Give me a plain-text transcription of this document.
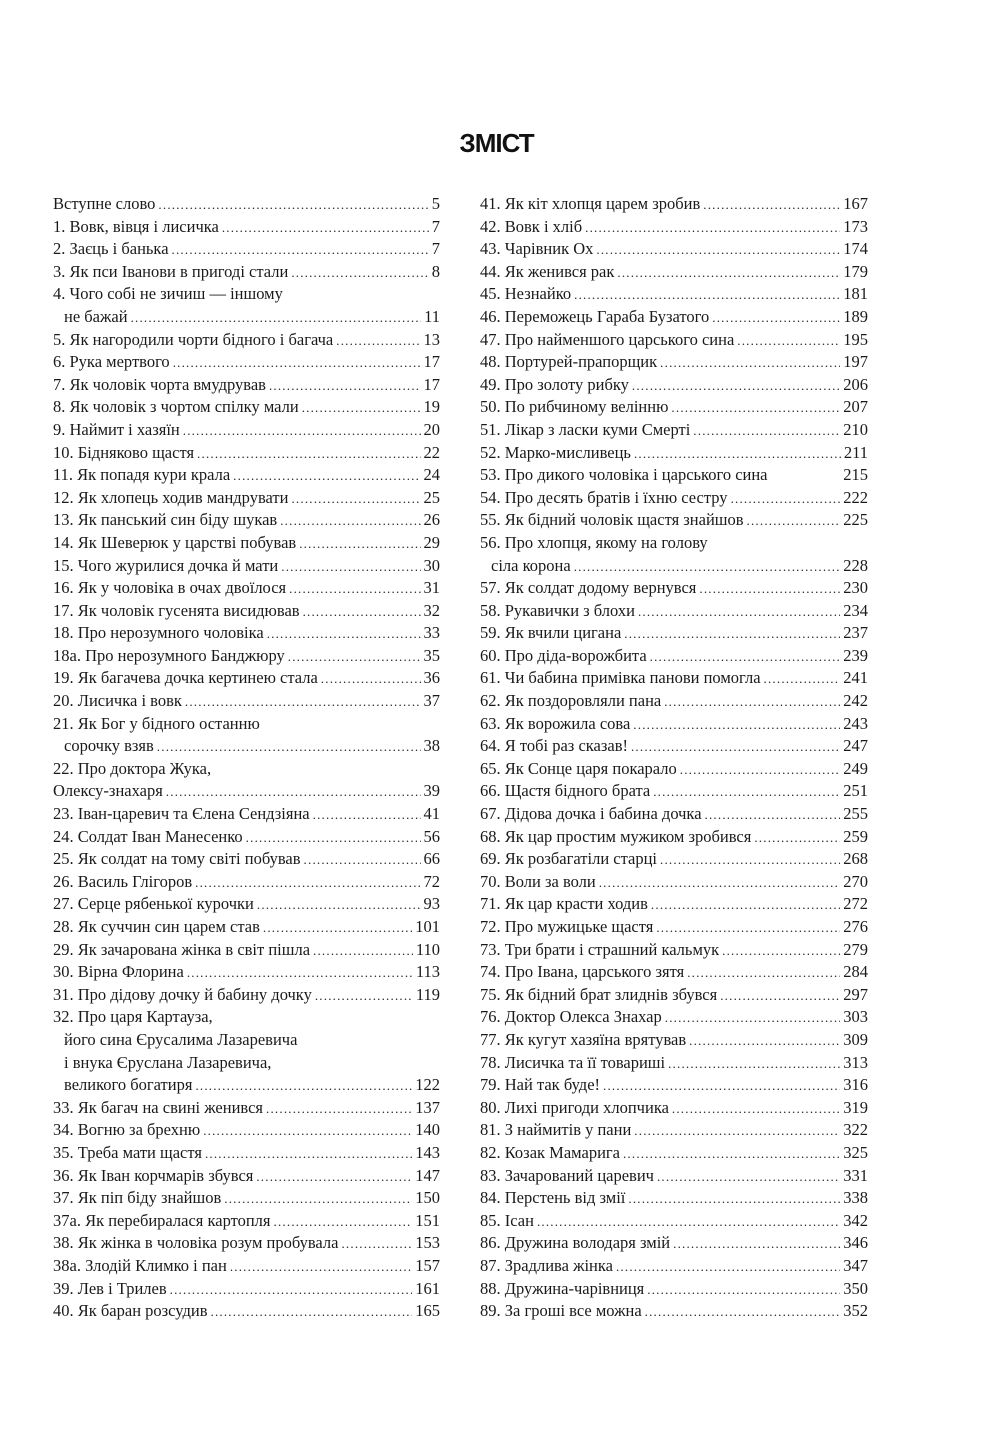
ЗМІСТ
Вступне слово .....	5
1. Вовк, вівця і лисичка .....	7
2. Заєць і банька .....	7
3. Як пси Іванови в пригоді стали .....	8
4. Чого собі не зичиш — іншому
не бажай .....	11
5. Як нагородили чорти бідного і багача .....	13
6. Рука мертвого .....	17
7. Як чоловік чорта вмудрував .....	17
8. Як чоловік з чортом спілку мали .....	19
9. Наймит і хазяїн .....	20
10. Бідняково щастя .....	22
11. Як попадя кури крала .....	24
12. Як хлопець ходив мандрувати .....	25
13. Як панський син біду шукав .....	26
14. Як Шеверюк у царстві побував .....	29
15. Чого журилися дочка й мати .....	30
16. Як у чоловіка в очах двоїлося .....	31
17. Як чоловік гусенята висидював .....	32
18. Про нерозумного чоловіка .....	33
18а. Про нерозумного Банджюру .....	35
19. Як багачева дочка кертинею стала .....	36
20. Лисичка і вовк .....	37
21. Як Бог у бідного останню
сорочку взяв .....	38
22. Про доктора Жука,
Олексу-знахаря .....	39
23. Іван-царевич та Єлена Сендзіяна .....	41
24. Солдат Іван Манесенко .....	56
25. Як солдат на тому світі побував .....	66
26. Василь Глігоров .....	72
27. Серце рябенької курочки .....	93
28. Як суччин син царем став .....	101
29. Як зачарована жінка в світ пішла .....	110
30. Вірна Флорина .....	113
31. Про дідову дочку й бабину дочку .....	119
32. Про царя Картауза,
його сина Єрусалима Лазаревича
і внука Єруслана Лазаревича,
великого богатиря .....	122
33. Як багач на свині женився .....	137
34. Вогню за брехню .....	140
35. Треба мати щастя .....	143
36. Як Іван корчмарів збувся .....	147
37. Як піп біду знайшов .....	150
37а. Як перебиралася картопля .....	151
38. Як жінка в чоловіка розум пробувала .....	153
38а. Злодій Климко і пан .....	157
39. Лев і Трилев .....	161
40. Як баран розсудив .....	165
41. Як кіт хлопця царем зробив .....	167
42. Вовк і хліб .....	173
43. Чарівник Ох .....	174
44. Як женився рак .....	179
45. Незнайко .....	181
46. Переможець Гараба Бузатого .....	189
47. Про найменшого царського сина .....	195
48. Портурей-прапорщик .....	197
49. Про золоту рибку .....	206
50. По рибчиному велінню .....	207
51. Лікар з ласки куми Смерті .....	210
52. Марко-мисливець .....	211
53. Про дикого чоловіка і царського сина	215
54. Про десять братів і їхню сестру .....	222
55. Як бідний чоловік щастя знайшов .....	225
56. Про хлопця, якому на голову
сіла корона .....	228
57. Як солдат додому вернувся .....	230
58. Рукавички з блохи .....	234
59. Як вчили цигана .....	237
60. Про діда-ворожбита .....	239
61. Чи бабина примівка панови помогла .....	241
62. Як поздоровляли пана .....	242
63. Як ворожила сова .....	243
64. Я тобі раз сказав! .....	247
65. Як Сонце царя покарало .....	249
66. Щастя бідного брата .....	251
67. Дідова дочка і бабина дочка .....	255
68. Як цар простим мужиком зробився .....	259
69. Як розбагатіли старці .....	268
70. Воли за воли .....	270
71. Як цар красти ходив .....	272
72. Про мужицьке щастя .....	276
73. Три брати і страшний кальмук .....	279
74. Про Івана, царського зятя .....	284
75. Як бідний брат злиднів збувся .....	297
76. Доктор Олекса Знахар .....	303
77. Як кугут хазяїна врятував .....	309
78. Лисичка та її товариші .....	313
79. Най так буде! .....	316
80. Лихі пригоди хлопчика .....	319
81. З наймитів у пани .....	322
82. Козак Мамарига .....	325
83. Зачарований царевич .....	331
84. Перстень від змії .....	338
85. Ісан .....	342
86. Дружина володаря змій .....	346
87. Зрадлива жінка .....	347
88. Дружина-чарівниця .....	350
89. За гроші все можна .....	352
